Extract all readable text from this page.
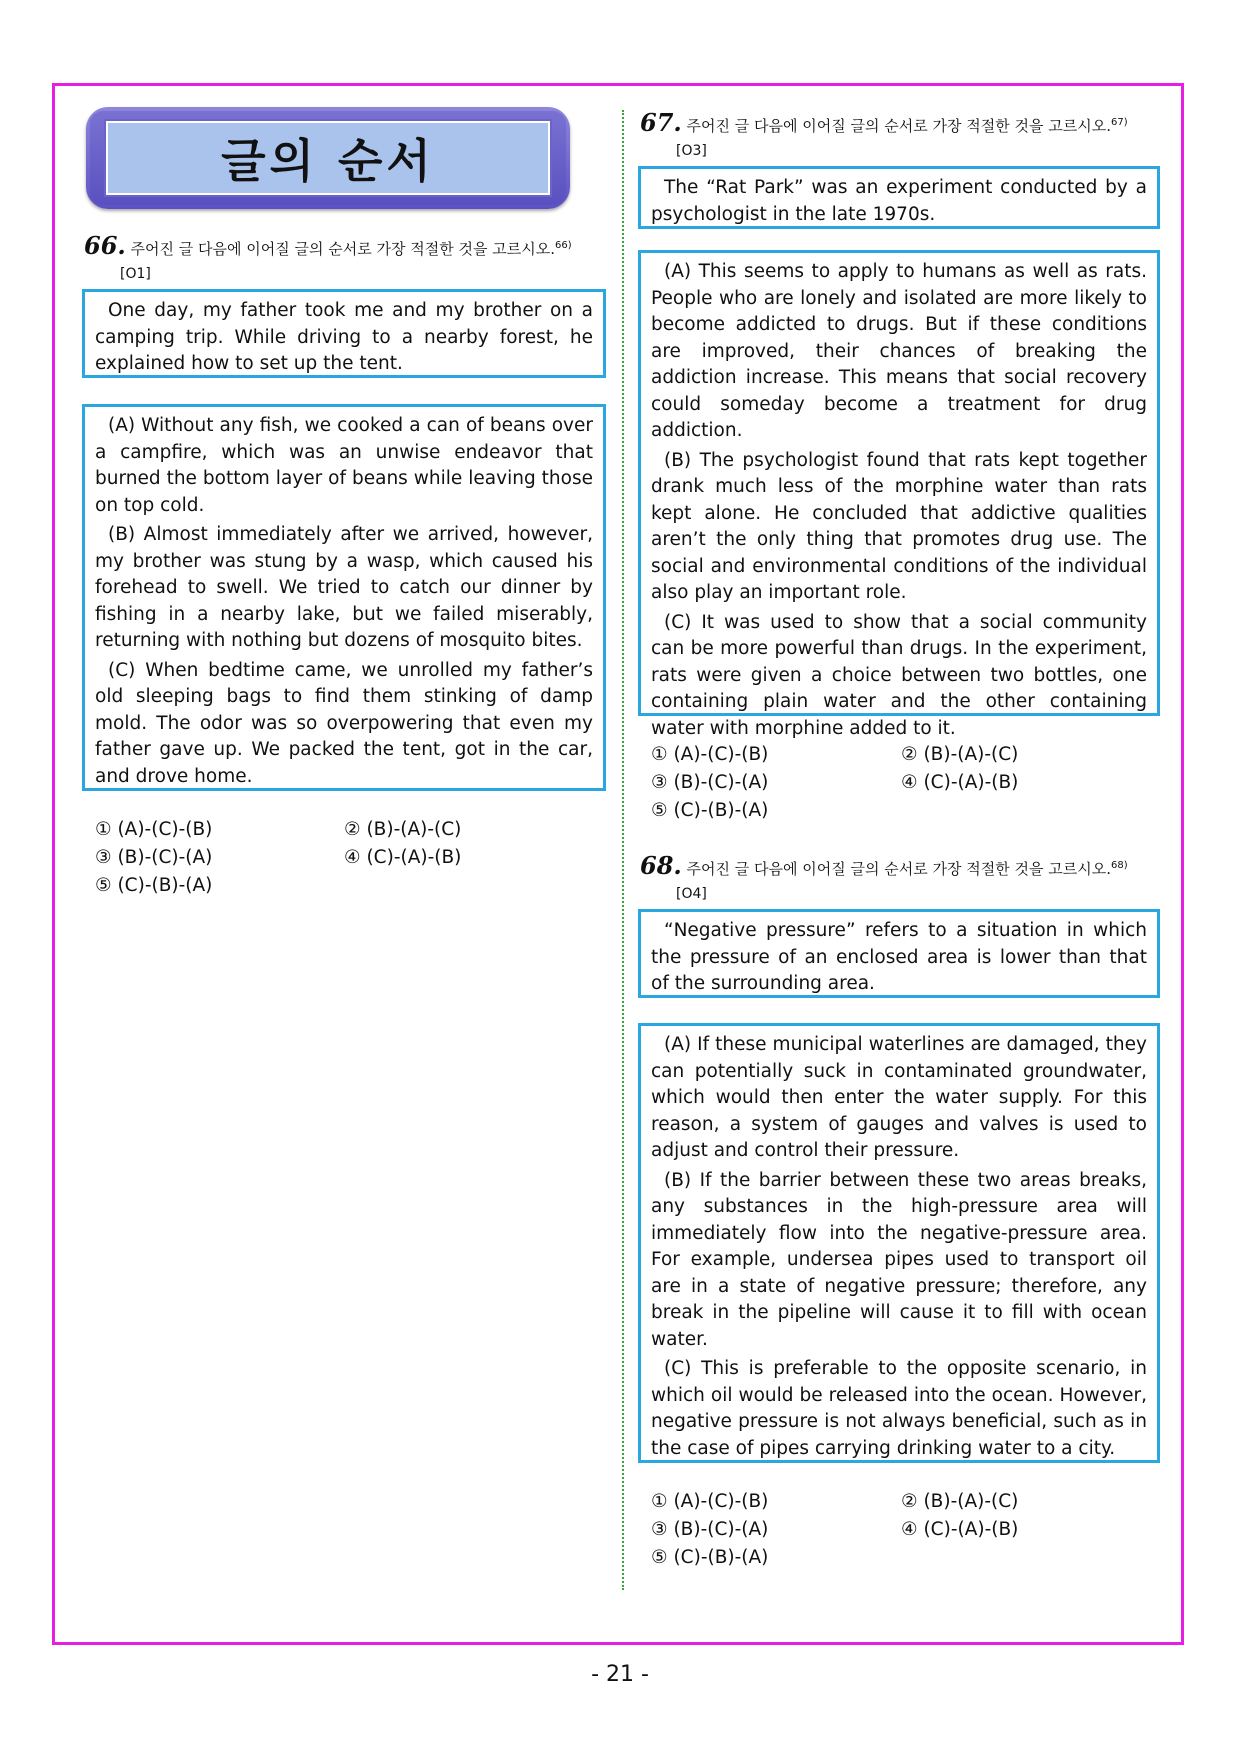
글의 순서
66. 주어진 글 다음에 이어질 글의 순서로 가장 적절한 것을 고르시오.$^{66)}$
[O1]

One day, my father took me and my brother on a camping trip. While driving to a nearby forest, he explained how to set up the tent.

(A) Without any fish, we cooked a can of beans over a campfire, which was an unwise endeavor that burned the bottom layer of beans while leaving those on top cold.

(B) Almost immediately after we arrived, however, my brother was stung by a wasp, which caused his forehead to swell. We tried to catch our dinner by fishing in a nearby lake, but we failed miserably, returning with nothing but dozens of mosquito bites.

(C) When bedtime came, we unrolled my father’s old sleeping bags to find them stinking of damp mold. The odor was so overpowering that even my father gave up. We packed the tent, got in the car, and drove home.

① (A)-(C)-(B)	② (B)-(A)-(C)
③ (B)-(C)-(A)	④ (C)-(A)-(B)
⑤ (C)-(B)-(A)
67. 주어진 글 다음에 이어질 글의 순서로 가장 적절한 것을 고르시오.$^{67)}$
[O3]

The “Rat Park” was an experiment conducted by a psychologist in the late 1970s.

(A) This seems to apply to humans as well as rats. People who are lonely and isolated are more likely to become addicted to drugs. But if these conditions are improved, their chances of breaking the addiction increase. This means that social recovery could someday become a treatment for drug addiction.

(B) The psychologist found that rats kept together drank much less of the morphine water than rats kept alone. He concluded that addictive qualities aren’t the only thing that promotes drug use. The social and environmental conditions of the individual also play an important role.

(C) It was used to show that a social community can be more powerful than drugs. In the experiment, rats were given a choice between two bottles, one containing plain water and the other containing water with morphine added to it.

① (A)-(C)-(B)	② (B)-(A)-(C)
③ (B)-(C)-(A)	④ (C)-(A)-(B)
⑤ (C)-(B)-(A)
68. 주어진 글 다음에 이어질 글의 순서로 가장 적절한 것을 고르시오.$^{68)}$
[O4]

“Negative pressure” refers to a situation in which the pressure of an enclosed area is lower than that of the surrounding area.

(A) If these municipal waterlines are damaged, they can potentially suck in contaminated groundwater, which would then enter the water supply. For this reason, a system of gauges and valves is used to adjust and control their pressure.

(B) If the barrier between these two areas breaks, any substances in the high-pressure area will immediately flow into the negative-pressure area. For example, undersea pipes used to transport oil are in a state of negative pressure; therefore, any break in the pipeline will cause it to fill with ocean water.

(C) This is preferable to the opposite scenario, in which oil would be released into the ocean. However, negative pressure is not always beneficial, such as in the case of pipes carrying drinking water to a city.

① (A)-(C)-(B)	② (B)-(A)-(C)
③ (B)-(C)-(A)	④ (C)-(A)-(B)
⑤ (C)-(B)-(A)
- 21 -
